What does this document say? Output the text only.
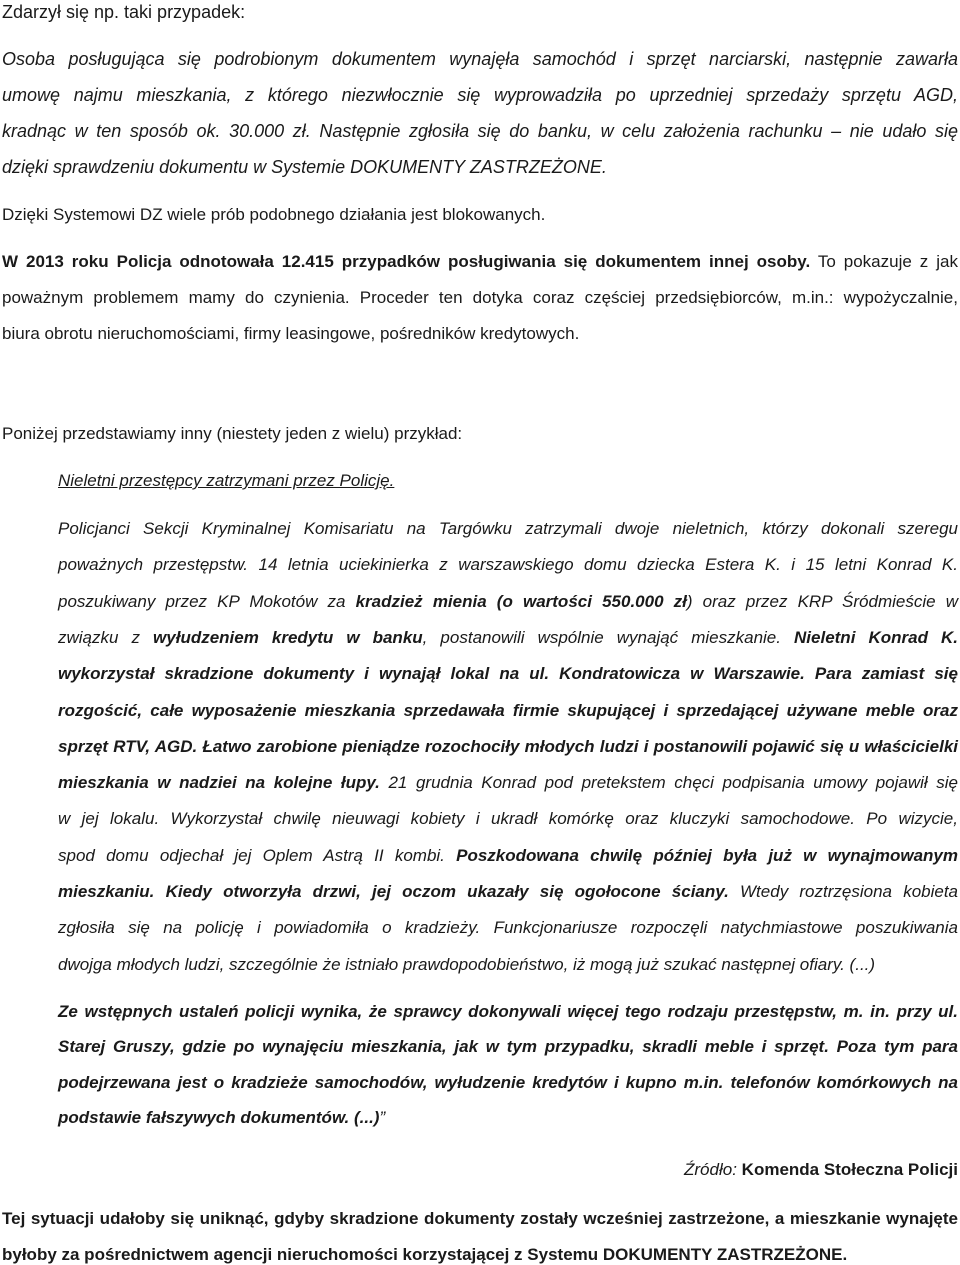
Zdarzył się np. taki przypadek:

Osoba posługująca się podrobionym dokumentem wynajęła samochód i sprzęt narciarski, następnie zawarła
umowę najmu mieszkania, z którego niezwłocznie się wyprowadziła po uprzedniej sprzedaży sprzętu AGD,
kradnąc w ten sposób ok. 30.000 zł. Następnie zgłosiła się do banku, w celu założenia rachunku – nie udało się
dzięki sprawdzeniu dokumentu w Systemie DOKUMENTY ZASTRZEŻONE.

Dzięki Systemowi DZ wiele prób podobnego działania jest blokowanych.

W 2013 roku Policja odnotowała 12.415 przypadków posługiwania się dokumentem innej osoby. To pokazuje z jak
poważnym problemem mamy do czynienia. Proceder ten dotyka coraz częściej przedsiębiorców, m.in.: wypożyczalnie,
biura obrotu nieruchomościami, firmy leasingowe, pośredników kredytowych.

Poniżej przedstawiamy inny (niestety jeden z wielu) przykład:

Nieletni przestępcy zatrzymani przez Policję.

Policjanci Sekcji Kryminalnej Komisariatu na Targówku zatrzymali dwoje nieletnich, którzy dokonali szeregu
poważnych przestępstw. 14 letnia uciekinierka z warszawskiego domu dziecka Estera K. i 15 letni Konrad K.
poszukiwany przez KP Mokotów za kradzież mienia (o wartości 550.000 zł) oraz przez KRP Śródmieście w
związku z wyłudzeniem kredytu w banku, postanowili wspólnie wynająć mieszkanie. Nieletni Konrad K.
wykorzystał skradzione dokumenty i wynajął lokal na ul. Kondratowicza w Warszawie. Para zamiast się
rozgościć, całe wyposażenie mieszkania sprzedawała firmie skupującej i sprzedającej używane meble oraz
sprzęt RTV, AGD. Łatwo zarobione pieniądze rozochociły młodych ludzi i postanowili pojawić się u właścicielki
mieszkania w nadziei na kolejne łupy. 21 grudnia Konrad pod pretekstem chęci podpisania umowy pojawił się
w jej lokalu. Wykorzystał chwilę nieuwagi kobiety i ukradł komórkę oraz kluczyki samochodowe. Po wizycie,
spod domu odjechał jej Oplem Astrą II kombi. Poszkodowana chwilę później była już w wynajmowanym
mieszkaniu. Kiedy otworzyła drzwi, jej oczom ukazały się ogołocone ściany. Wtedy roztrzęsiona kobieta
zgłosiła się na policję i powiadomiła o kradzieży. Funkcjonariusze rozpoczęli natychmiastowe poszukiwania
dwojga młodych ludzi, szczególnie że istniało prawdopodobieństwo, iż mogą już szukać następnej ofiary. (...)
Ze wstępnych ustaleń policji wynika, że sprawcy dokonywali więcej tego rodzaju przestępstw, m. in. przy ul.
Starej Gruszy, gdzie po wynajęciu mieszkania, jak w tym przypadku, skradli meble i sprzęt. Poza tym para
podejrzewana jest o kradzieże samochodów, wyłudzenie kredytów i kupno m.in. telefonów komórkowych na
podstawie fałszywych dokumentów. (...)”
Źródło: Komenda Stołeczna Policji
Tej sytuacji udałoby się uniknąć, gdyby skradzione dokumenty zostały wcześniej zastrzeżone, a mieszkanie wynajęte
byłoby za pośrednictwem agencji nieruchomości korzystającej z Systemu DOKUMENTY ZASTRZEŻONE.
